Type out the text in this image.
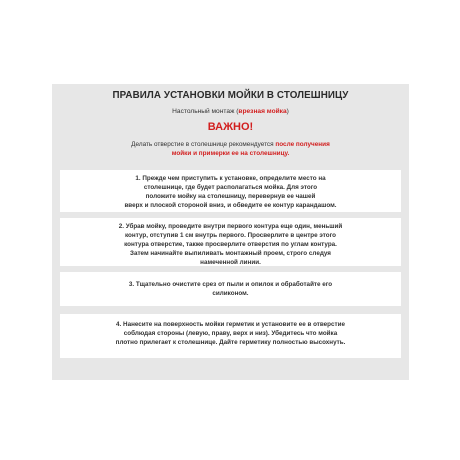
ПРАВИЛА УСТАНОВКИ МОЙКИ В СТОЛЕШНИЦУ
Настольный монтаж (врезная мойка)
ВАЖНО!
Делать отверстие в столешнице рекомендуется после получения
мойки и примерки ее на столешницу.
1. Прежде чем приступить к установке, определите место на
столешнице, где будет располагаться мойка. Для этого
положите мойку на столешницу, перевернув ее чашей
вверх и плоской стороной вниз, и обведите ее контур карандашом.
2. Убрав мойку, проведите внутри первого контура еще один, меньший
контур, отступив 1 см внутрь первого. Просверлите в центре этого
контура отверстие, также просверлите отверстия по углам контура.
Затем начинайте выпиливать монтажный проем, строго следуя
намеченной линии.
3. Тщательно очистите срез от пыли и опилок и обработайте его
силиконом.
4. Нанесите на поверхность мойки герметик и установите ее в отверстие
соблюдая стороны (левую, праву, верх и низ). Убедитесь что мойка
плотно прилегает к столешнице. Дайте герметику полностью высохнуть.
